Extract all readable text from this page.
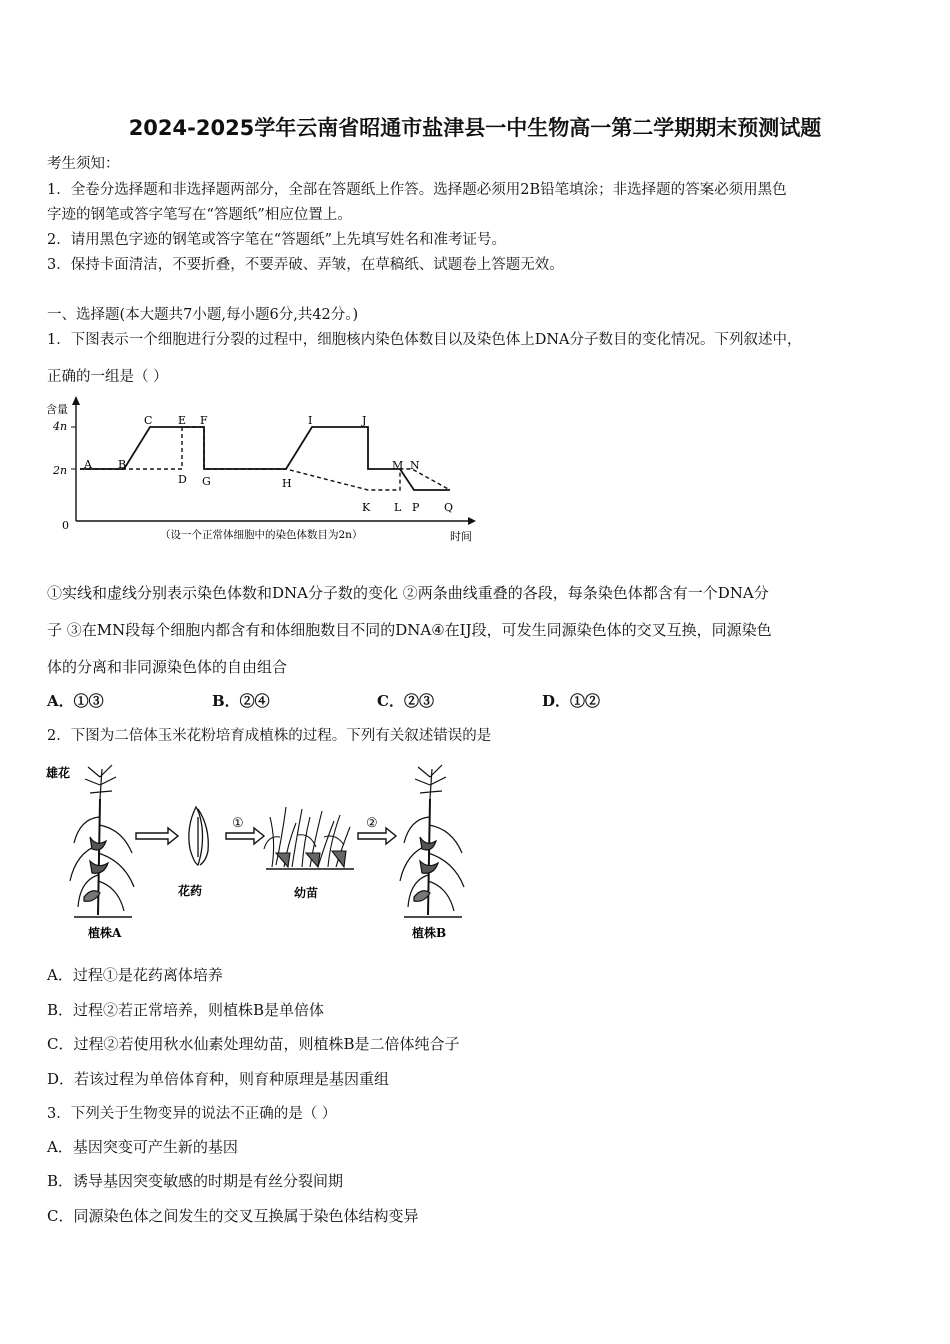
2024-2025学年云南省昭通市盐津县一中生物高一第二学期期末预测试题
考生须知：
1．全卷分选择题和非选择题两部分，全部在答题纸上作答。选择题必须用2B铅笔填涂；非选择题的答案必须用黑色
字迹的钢笔或答字笔写在“答题纸”相应位置上。
2．请用黑色字迹的钢笔或答字笔在“答题纸”上先填写姓名和准考证号。
3．保持卡面清洁，不要折叠，不要弄破、弄皱，在草稿纸、试题卷上答题无效。
一、选择题(本大题共7小题,每小题6分,共42分。)
1．下图表示一个细胞进行分裂的过程中，细胞核内染色体数目以及染色体上DNA分子数目的变化情况。下列叙述中，
正确的一组是（ ）
含量
0
2n
4n
A B
C E F
D G	H
I	J
M N
K L P Q
（设一个正常体细胞中的染色体数目为2n）	时间
①实线和虚线分别表示染色体数和DNA分子数的变化 ②两条曲线重叠的各段，每条染色体都含有一个DNA分
子 ③在MN段每个细胞内都含有和体细胞数目不同的DNA④在IJ段，可发生同源染色体的交叉互换，同源染色
体的分离和非同源染色体的自由组合
A．①③	B．②④	C．②③	D．①②
2．下图为二倍体玉米花粉培育成植株的过程。下列有关叙述错误的是
雄花
植株A
花药
①
幼苗
②
植株B
A．过程①是花药离体培养
B．过程②若正常培养，则植株B是单倍体
C．过程②若使用秋水仙素处理幼苗，则植株B是二倍体纯合子
D．若该过程为单倍体育种，则育种原理是基因重组
3．下列关于生物变异的说法不正确的是（ ）
A．基因突变可产生新的基因
B．诱导基因突变敏感的时期是有丝分裂间期
C．同源染色体之间发生的交叉互换属于染色体结构变异
